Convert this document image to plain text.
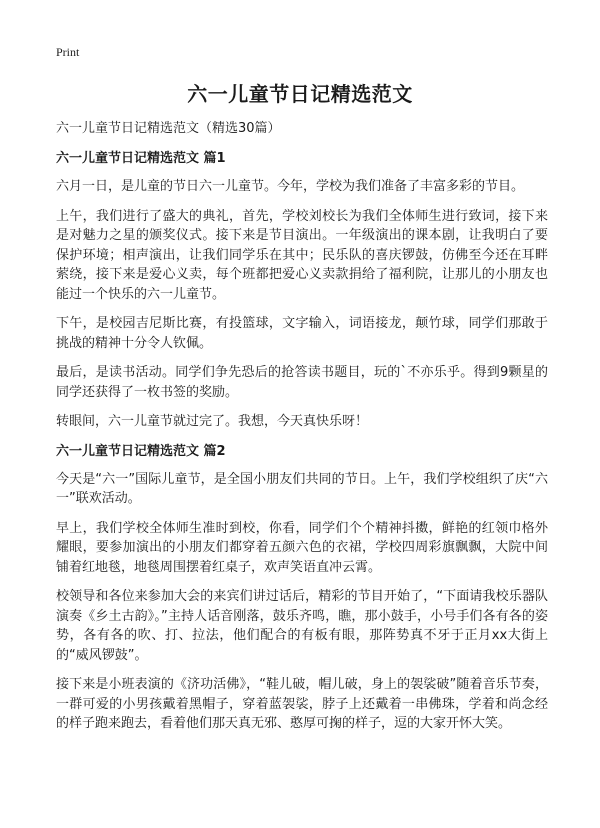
Print
六一儿童节日记精选范文
六一儿童节日记精选范文（精选30篇）
六一儿童节日记精选范文 篇1

六月一日，是儿童的节日六一儿童节。今年，学校为我们准备了丰富多彩的节目。

上午，我们进行了盛大的典礼，首先，学校刘校长为我们全体师生进行致词，接下来是对魅力之星的颁奖仪式。接下来是节目演出。一年级演出的课本剧，让我明白了要保护环境；相声演出，让我们同学乐在其中；民乐队的喜庆锣鼓，仿佛至今还在耳畔萦绕，接下来是爱心义卖，每个班都把爱心义卖款捐给了福利院，让那儿的小朋友也能过一个快乐的六一儿童节。

下午，是校园吉尼斯比赛，有投篮球，文字输入，词语接龙，颠竹球，同学们那敢于挑战的精神十分令人钦佩。

最后，是读书活动。同学们争先恐后的抢答读书题目，玩的`不亦乐乎。得到9颗星的同学还获得了一枚书签的奖励。

转眼间，六一儿童节就过完了。我想，今天真快乐呀！

六一儿童节日记精选范文 篇2

今天是“六一”国际儿童节，是全国小朋友们共同的节日。上午，我们学校组织了庆“六一”联欢活动。

早上，我们学校全体师生准时到校，你看，同学们个个精神抖擞，鲜艳的红领巾格外耀眼，要参加演出的小朋友们都穿着五颜六色的衣裙，学校四周彩旗飘飘，大院中间铺着红地毯，地毯周围摆着红桌子，欢声笑语直冲云霄。

校领导和各位来参加大会的来宾们讲过话后，精彩的节目开始了，“下面请我校乐器队演奏《乡土古韵》。”主持人话音刚落，鼓乐齐鸣，瞧，那小鼓手，小号手们各有各的姿势，各有各的吹、打、拉法，他们配合的有板有眼，那阵势真不牙于正月xx大街上的“威风锣鼓”。

接下来是小班表演的《济功活佛》，“鞋儿破，帽儿破，身上的袈裟破”随着音乐节奏，一群可爱的小男孩戴着黑帽子，穿着蓝袈裟，脖子上还戴着一串佛珠，学着和尚念经的样子跑来跑去，看着他们那天真无邪、憨厚可掬的样子，逗的大家开怀大笑。
